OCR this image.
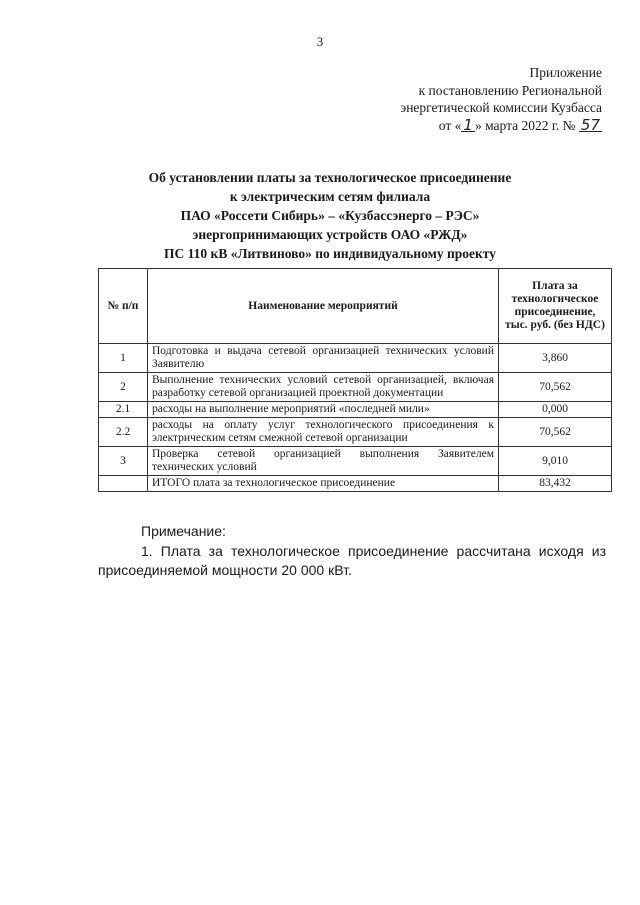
3
Приложение
к постановлению Региональной
энергетической комиссии Кузбасса
от « 1 » марта 2022 г. № 57
Об установлении платы за технологическое присоединение
к электрическим сетям филиала
ПАО «Россети Сибирь» – «Кузбассэнерго – РЭС»
энергопринимающих устройств ОАО «РЖД»
ПС 110 кВ «Литвиново» по индивидуальному проекту
№ п/п	Наименование мероприятий	Плата за технологическое присоединение, тыс. руб. (без НДС)
1	Подготовка и выдача сетевой организацией технических условий Заявителю	3,860
2	Выполнение технических условий сетевой организацией, включая разработку сетевой организацией проектной документации	70,562
2.1	расходы на выполнение мероприятий «последней мили»	0,000
2.2	расходы на оплату услуг технологического присоединения к электрическим сетям смежной сетевой организации	70,562
3	Проверка сетевой организацией выполнения Заявителем технических условий	9,010
	ИТОГО плата за технологическое присоединение	83,432
Примечание:
1. Плата за технологическое присоединение рассчитана исходя из присоединяемой мощности 20 000 кВт.
